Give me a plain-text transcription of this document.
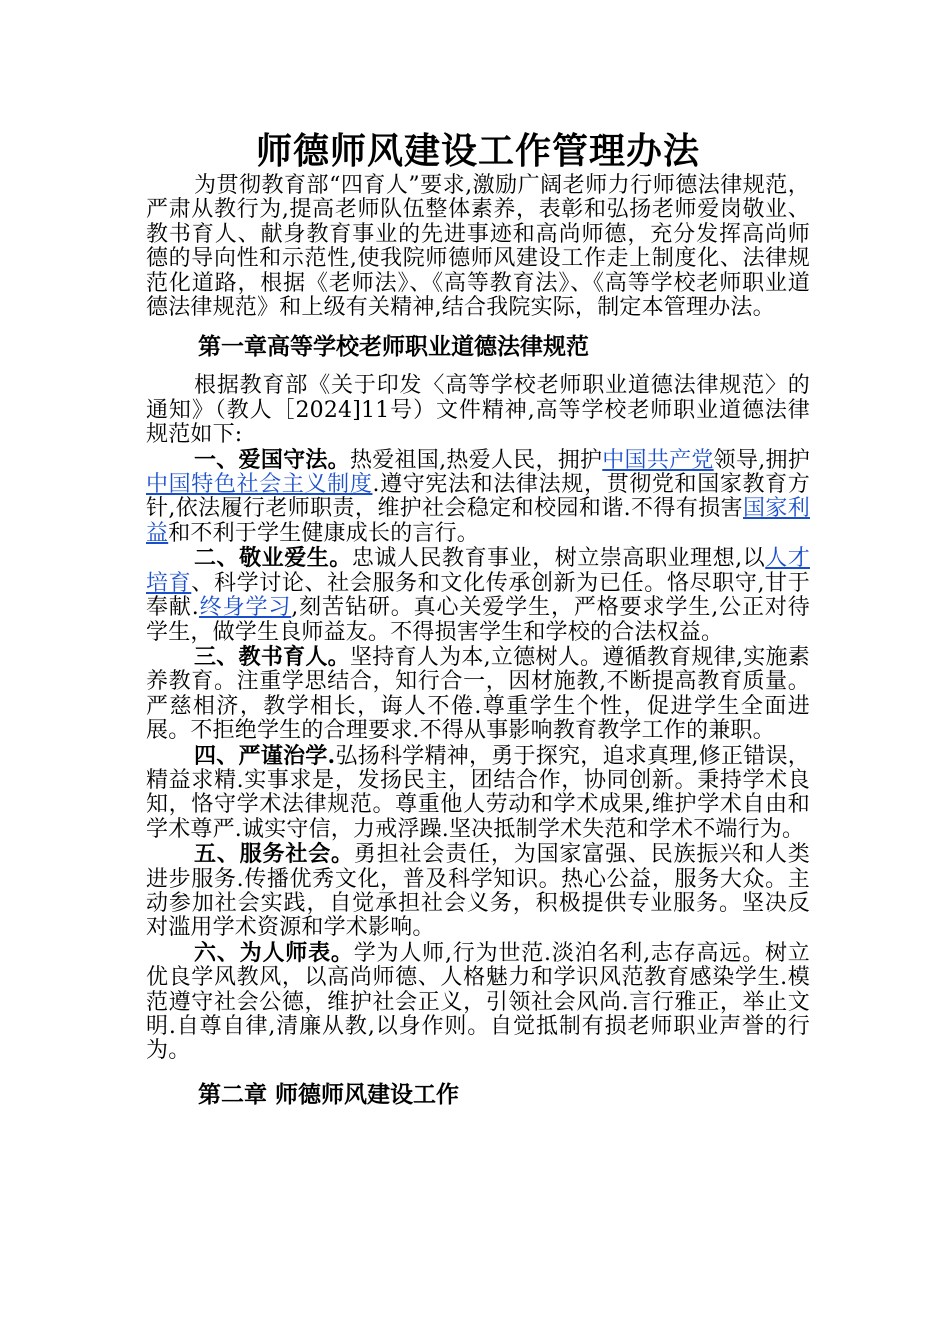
师德师风建设工作管理办法

为贯彻教育部“四育人”要求,激励广阔老师力行师德法律规范，严肃从教行为,提高老师队伍整体素养，表彰和弘扬老师爱岗敬业、教书育人、献身教育事业的先进事迹和高尚师德，充分发挥高尚师德的导向性和示范性,使我院师德师风建设工作走上制度化、法律规范化道路，根据《老师法》、《高等教育法》、《高等学校老师职业道德法律规范》和上级有关精神,结合我院实际，制定本管理办法。

第一章高等学校老师职业道德法律规范

根据教育部《关于印发〈高等学校老师职业道德法律规范〉的通知》（教人［2024]11号）文件精神,高等学校老师职业道德法律规范如下:

一、爱国守法。热爱祖国,热爱人民，拥护中国共产党领导,拥护中国特色社会主义制度.遵守宪法和法律法规，贯彻党和国家教育方针,依法履行老师职责，维护社会稳定和校园和谐.不得有损害国家利益和不利于学生健康成长的言行。

二、敬业爱生。忠诚人民教育事业，树立崇高职业理想,以人才培育、科学讨论、社会服务和文化传承创新为已任。恪尽职守,甘于奉献.终身学习,刻苦钻研。真心关爱学生，严格要求学生,公正对待学生，做学生良师益友。不得损害学生和学校的合法权益。

三、教书育人。坚持育人为本,立德树人。遵循教育规律,实施素养教育。注重学思结合，知行合一，因材施教,不断提高教育质量。严慈相济，教学相长，诲人不倦.尊重学生个性，促进学生全面进展。不拒绝学生的合理要求.不得从事影响教育教学工作的兼职。

四、严谨治学.弘扬科学精神，勇于探究，追求真理,修正错误，精益求精.实事求是，发扬民主，团结合作，协同创新。秉持学术良知，恪守学术法律规范。尊重他人劳动和学术成果,维护学术自由和学术尊严.诚实守信，力戒浮躁.坚决抵制学术失范和学术不端行为。

五、服务社会。勇担社会责任，为国家富强、民族振兴和人类进步服务.传播优秀文化，普及科学知识。热心公益，服务大众。主动参加社会实践，自觉承担社会义务，积极提供专业服务。坚决反对滥用学术资源和学术影响。

六、为人师表。学为人师,行为世范.淡泊名利,志存高远。树立优良学风教风，以高尚师德、人格魅力和学识风范教育感染学生.模范遵守社会公德，维护社会正义，引领社会风尚.言行雅正，举止文明.自尊自律,清廉从教,以身作则。自觉抵制有损老师职业声誉的行为。

第二章 师德师风建设工作
